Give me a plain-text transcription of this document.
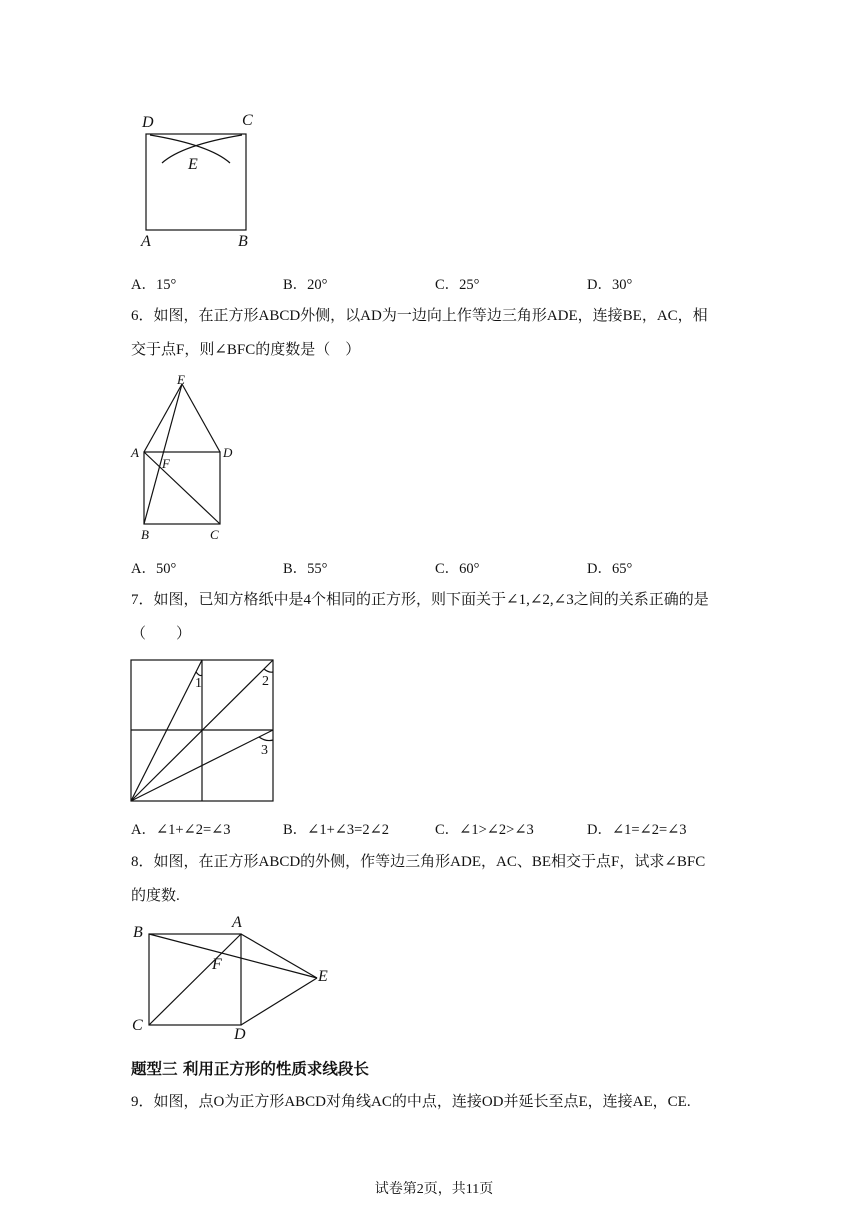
D	C
E
A	B
A．15°	B．20°	C．25°	D．30°
6．如图，在正方形ABCD外侧，以AD为一边向上作等边三角形ADE，连接BE，AC，相
交于点F，则∠BFC的度数是（　）
E
A	D
F
B	C
A．50°	B．55°	C．60°	D．65°
7．如图，已知方格纸中是4个相同的正方形，则下面关于∠1,∠2,∠3之间的关系正确的是
（　　）
1	2
3
A．∠1+∠2=∠3	B．∠1+∠3=2∠2	C．∠1>∠2>∠3	D．∠1=∠2=∠3
8．如图，在正方形ABCD的外侧，作等边三角形ADE，AC、BE相交于点F，试求∠BFC
的度数.
A
B
F
E
C
D
题型三 利用正方形的性质求线段长
9．如图，点O为正方形ABCD对角线AC的中点，连接OD并延长至点E，连接AE，CE.
试卷第2页，共11页
